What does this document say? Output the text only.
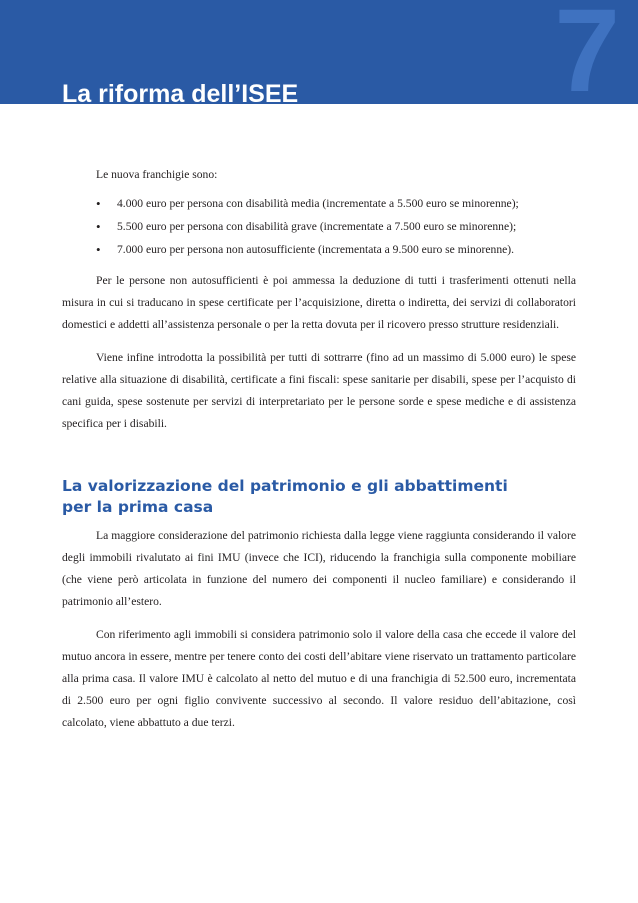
7
La riforma dell’ISEE

Le nuova franchigie sono:

• 4.000 euro per persona con disabilità media (incrementate a 5.500 euro se minorenne);
• 5.500 euro per persona con disabilità grave (incrementate a 7.500 euro se minorenne);
• 7.000 euro per persona non autosufficiente (incrementata a 9.500 euro se minorenne).

Per le persone non autosufficienti è poi ammessa la deduzione di tutti i trasferimenti ottenuti nella misura in cui si traducano in spese certificate per l’acquisizione, diretta o indiretta, dei servizi di collaboratori domestici e addetti all’assistenza personale o per la retta dovuta per il ricovero presso strutture residenziali.

Viene infine introdotta la possibilità per tutti di sottrarre (fino ad un massimo di 5.000 euro) le spese relative alla situazione di disabilità, certificate a fini fiscali: spese sanitarie per disabili, spese per l’acquisto di cani guida, spese sostenute per servizi di interpretariato per le persone sorde e spese mediche e di assistenza specifica per i disabili.

La valorizzazione del patrimonio e gli abbattimenti
per la prima casa

La maggiore considerazione del patrimonio richiesta dalla legge viene raggiunta considerando il valore degli immobili rivalutato ai fini IMU (invece che ICI), riducendo la franchigia sulla componente mobiliare (che viene però articolata in funzione del numero dei componenti il nucleo familiare) e considerando il patrimonio all’estero.

Con riferimento agli immobili si considera patrimonio solo il valore della casa che eccede il valore del mutuo ancora in essere, mentre per tenere conto dei costi dell’abitare viene riservato un trattamento particolare alla prima casa. Il valore IMU è calcolato al netto del mutuo e di una franchigia di 52.500 euro, incrementata di 2.500 euro per ogni figlio convivente successivo al secondo. Il valore residuo dell’abitazione, così calcolato, viene abbattuto a due terzi.
